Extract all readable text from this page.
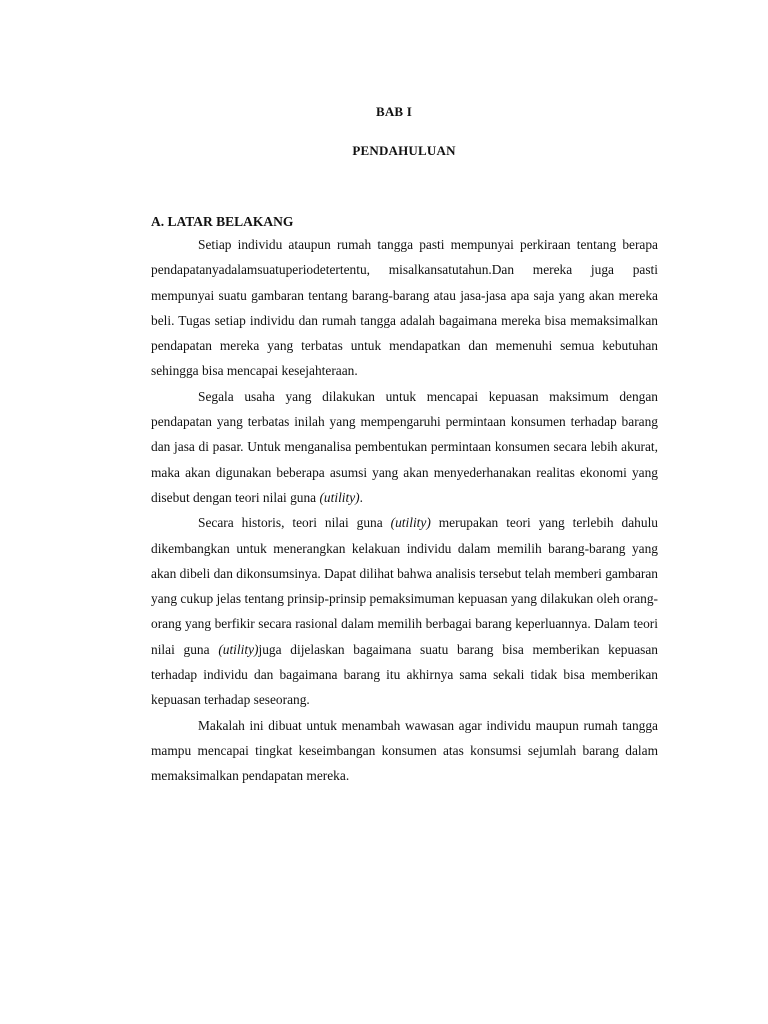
BAB I
PENDAHULUAN
A. LATAR BELAKANG

Setiap individu ataupun rumah tangga pasti mempunyai perkiraan tentang berapa pendapatanyadalamsuatuperiodetertentu, misalkansatutahun.Dan mereka juga pasti mempunyai suatu gambaran tentang barang-barang atau jasa-jasa apa saja yang akan mereka beli. Tugas setiap individu dan rumah tangga adalah bagaimana mereka bisa memaksimalkan pendapatan mereka yang terbatas untuk mendapatkan dan memenuhi semua kebutuhan sehingga bisa mencapai kesejahteraan.

Segala usaha yang dilakukan untuk mencapai kepuasan maksimum dengan pendapatan yang terbatas inilah yang mempengaruhi permintaan konsumen terhadap barang dan jasa di pasar. Untuk menganalisa pembentukan permintaan konsumen secara lebih akurat, maka akan digunakan beberapa asumsi yang akan menyederhanakan realitas ekonomi yang disebut dengan teori nilai guna (utility).

Secara historis, teori nilai guna (utility) merupakan teori yang terlebih dahulu dikembangkan untuk menerangkan kelakuan individu dalam memilih barang-barang yang akan dibeli dan dikonsumsinya. Dapat dilihat bahwa analisis tersebut telah memberi gambaran yang cukup jelas tentang prinsip-prinsip pemaksimuman kepuasan yang dilakukan oleh orang-orang yang berfikir secara rasional dalam memilih berbagai barang keperluannya. Dalam teori nilai guna (utility)juga dijelaskan bagaimana suatu barang bisa memberikan kepuasan terhadap individu dan bagaimana barang itu akhirnya sama sekali tidak bisa memberikan kepuasan terhadap seseorang.

Makalah ini dibuat untuk menambah wawasan agar individu maupun rumah tangga mampu mencapai tingkat keseimbangan konsumen atas konsumsi sejumlah barang dalam memaksimalkan pendapatan mereka.
